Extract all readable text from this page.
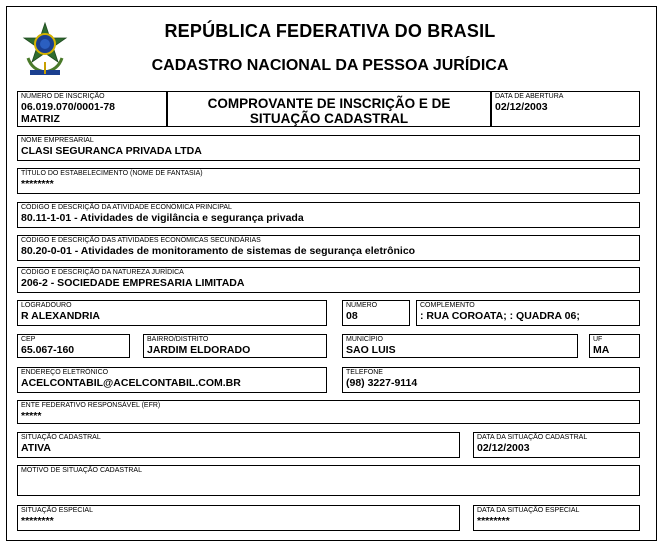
REPÚBLICA FEDERATIVA DO BRASIL
CADASTRO NACIONAL DA PESSOA JURÍDICA
NÚMERO DE INSCRIÇÃO
06.019.070/0001-78
MATRIZ
COMPROVANTE DE INSCRIÇÃO E DE
SITUAÇÃO CADASTRAL
DATA DE ABERTURA
02/12/2003
NOME EMPRESARIAL
CLASI SEGURANCA PRIVADA LTDA
TÍTULO DO ESTABELECIMENTO (NOME DE FANTASIA)
********
CÓDIGO E DESCRIÇÃO DA ATIVIDADE ECONÔMICA PRINCIPAL
80.11-1-01 - Atividades de vigilância e segurança privada
CÓDIGO E DESCRIÇÃO DAS ATIVIDADES ECONÔMICAS SECUNDÁRIAS
80.20-0-01 - Atividades de monitoramento de sistemas de segurança eletrônico
CÓDIGO E DESCRIÇÃO DA NATUREZA JURÍDICA
206-2 - SOCIEDADE EMPRESARIA LIMITADA
LOGRADOURO
R ALEXANDRIA
NÚMERO
08
COMPLEMENTO
: RUA COROATA; : QUADRA 06;
CEP
65.067-160
BAIRRO/DISTRITO
JARDIM ELDORADO
MUNICÍPIO
SAO LUIS
UF
MA
ENDEREÇO ELETRÔNICO
ACELCONTABIL@ACELCONTABIL.COM.BR
TELEFONE
(98) 3227-9114
ENTE FEDERATIVO RESPONSÁVEL (EFR)
*****
SITUAÇÃO CADASTRAL
ATIVA
DATA DA SITUAÇÃO CADASTRAL
02/12/2003
MOTIVO DE SITUAÇÃO CADASTRAL
SITUAÇÃO ESPECIAL
********
DATA DA SITUAÇÃO ESPECIAL
********
